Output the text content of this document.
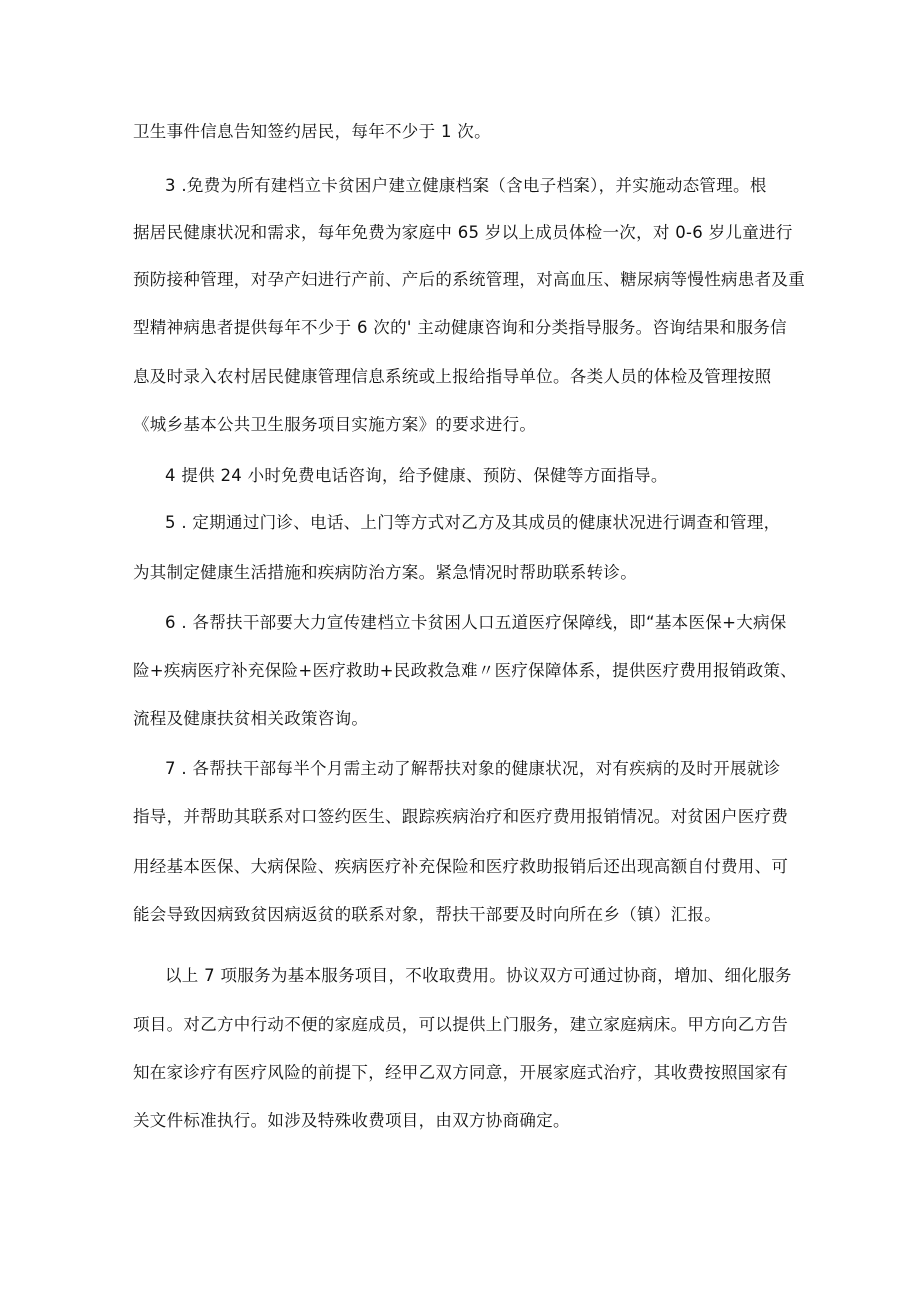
卫生事件信息告知签约居民，每年不少于 1 次。
3 .免费为所有建档立卡贫困户建立健康档案（含电子档案），并实施动态管理。根
据居民健康状况和需求，每年免费为家庭中 65 岁以上成员体检一次，对 0-6 岁儿童进行
预防接种管理，对孕产妇进行产前、产后的系统管理，对高血压、糖尿病等慢性病患者及重
型精神病患者提供每年不少于 6 次的' 主动健康咨询和分类指导服务。咨询结果和服务信
息及时录入农村居民健康管理信息系统或上报给指导单位。各类人员的体检及管理按照
《城乡基本公共卫生服务项目实施方案》的要求进行。
4 提供 24 小时免费电话咨询，给予健康、预防、保健等方面指导。
5 . 定期通过门诊、电话、上门等方式对乙方及其成员的健康状况进行调查和管理，
为其制定健康生活措施和疾病防治方案。紧急情况时帮助联系转诊。
6 . 各帮扶干部要大力宣传建档立卡贫困人口五道医疗保障线，即“基本医保+大病保
险+疾病医疗补充保险+医疗救助+民政救急难〃医疗保障体系，提供医疗费用报销政策、
流程及健康扶贫相关政策咨询。
7 . 各帮扶干部每半个月需主动了解帮扶对象的健康状况，对有疾病的及时开展就诊
指导，并帮助其联系对口签约医生、跟踪疾病治疗和医疗费用报销情况。对贫困户医疗费
用经基本医保、大病保险、疾病医疗补充保险和医疗救助报销后还出现高额自付费用、可
能会导致因病致贫因病返贫的联系对象，帮扶干部要及时向所在乡（镇）汇报。
以上 7 项服务为基本服务项目，不收取费用。协议双方可通过协商，增加、细化服务
项目。对乙方中行动不便的家庭成员，可以提供上门服务，建立家庭病床。甲方向乙方告
知在家诊疗有医疗风险的前提下，经甲乙双方同意，开展家庭式治疗，其收费按照国家有
关文件标准执行。如涉及特殊收费项目，由双方协商确定。
